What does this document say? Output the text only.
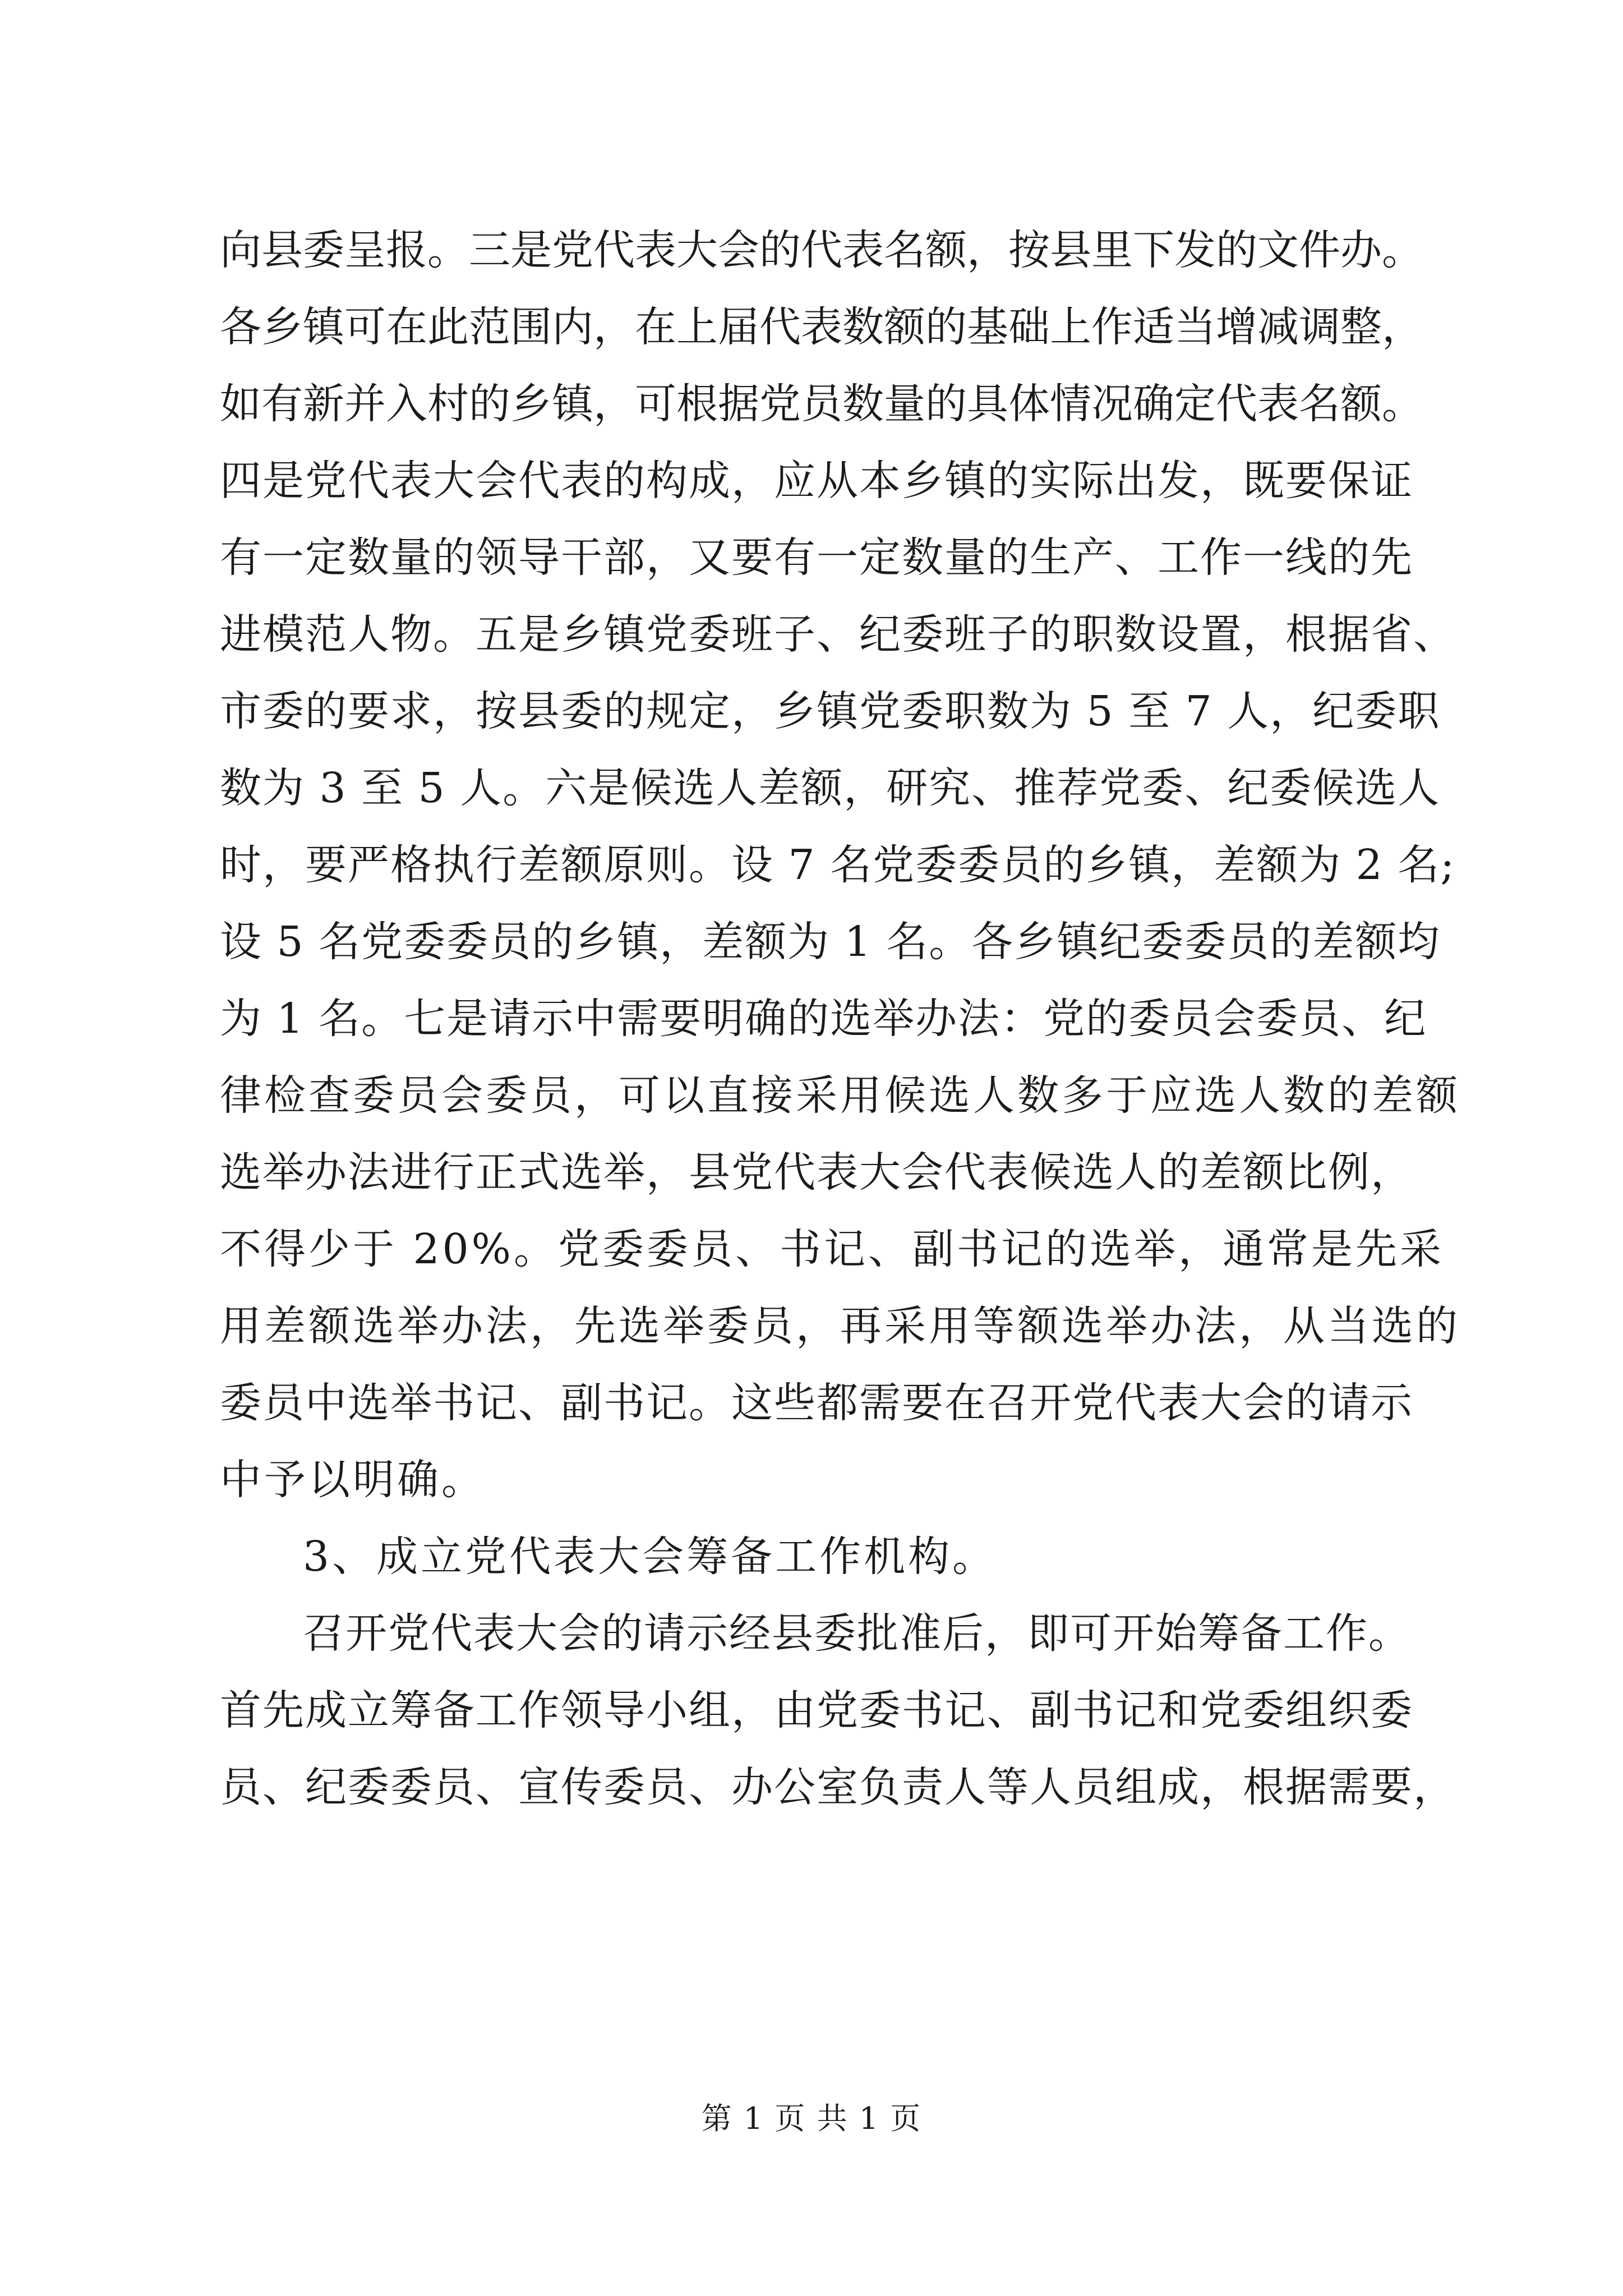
向县委呈报。三是党代表大会的代表名额，按县里下发的文件办。
各乡镇可在此范围内，在上届代表数额的基础上作适当增减调整，
如有新并入村的乡镇，可根据党员数量的具体情况确定代表名额。
四是党代表大会代表的构成，应从本乡镇的实际出发，既要保证
有一定数量的领导干部，又要有一定数量的生产、工作一线的先
进模范人物。五是乡镇党委班子、纪委班子的职数设置，根据省、
市委的要求，按县委的规定，乡镇党委职数为 5 至 7 人，纪委职
数为 3 至 5 人。六是候选人差额，研究、推荐党委、纪委候选人
时，要严格执行差额原则。设 7 名党委委员的乡镇，差额为 2 名;
设 5 名党委委员的乡镇，差额为 1 名。各乡镇纪委委员的差额均
为 1 名。七是请示中需要明确的选举办法：党的委员会委员、纪
律检查委员会委员，可以直接采用候选人数多于应选人数的差额
选举办法进行正式选举，县党代表大会代表候选人的差额比例，
不得少于 20%。党委委员、书记、副书记的选举，通常是先采
用差额选举办法，先选举委员，再采用等额选举办法，从当选的
委员中选举书记、副书记。这些都需要在召开党代表大会的请示
中予以明确。
3、成立党代表大会筹备工作机构。
召开党代表大会的请示经县委批准后，即可开始筹备工作。
首先成立筹备工作领导小组，由党委书记、副书记和党委组织委
员、纪委委员、宣传委员、办公室负责人等人员组成，根据需要，
第 1 页 共 1 页
